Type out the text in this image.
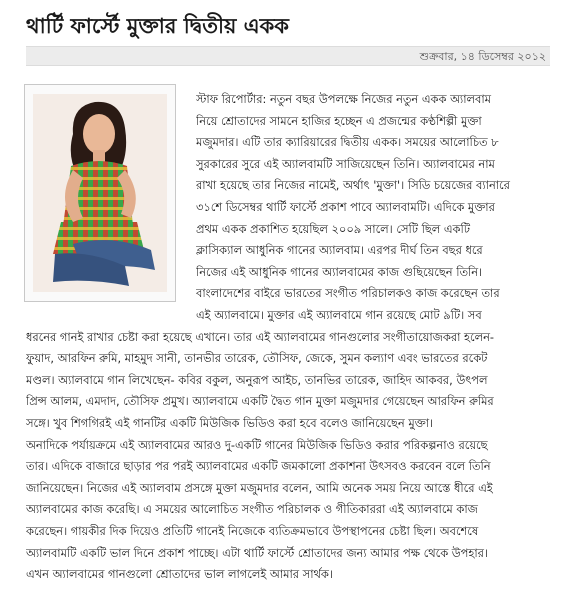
থার্টি ফার্স্টে মুক্তার দ্বিতীয় একক
শুক্রবার, ১৪ ডিসেম্বর ২০১২
স্টাফ রিপোর্টার: নতুন বছর উপলক্ষে নিজের নতুন একক অ্যালবাম
নিয়ে শ্রোতাদের সামনে হাজির হচ্ছেন এ প্রজন্মের কণ্ঠশিল্পী মুক্তা
মজুমদার। এটি তার ক্যারিয়ারের দ্বিতীয় একক। সময়ের আলোচিত ৮
সুরকারের সুরে এই অ্যালবামটি সাজিয়েছেন তিনি। অ্যালবামের নাম
রাখা হয়েছে তার নিজের নামেই, অর্থাৎ 'মুক্তা'। সিডি চয়েজের ব্যানারে
৩১শে ডিসেম্বর থার্টি ফার্স্টে প্রকাশ পাবে অ্যালবামটি। এদিকে মুক্তার
প্রথম একক প্রকাশিত হয়েছিল ২০০৯ সালে। সেটি ছিল একটি
ক্লাসিক্যাল আধুনিক গানের অ্যালবাম। এরপর দীর্ঘ তিন বছর ধরে
নিজের এই আধুনিক গানের অ্যালবামের কাজ গুছিয়েছেন তিনি।
বাংলাদেশের বাইরে ভারতের সংগীত পরিচালকও কাজ করেছেন তার
এই অ্যালবামে। মুক্তার এই অ্যালবামে গান রয়েছে মোট ৯টি। সব
ধরনের গানই রাখার চেষ্টা করা হয়েছে এখানে। তার এই অ্যালবামের গানগুলোর সংগীতায়োজকরা হলেন-
ফুয়াদ, আরফিন রুমি, মাহমুদ সানী, তানভীর তারেক, তৌসিফ, জেকে, সুমন কল্যাণ এবং ভারতের রকেট
মণ্ডল। অ্যালবামে গান লিখেছেন- কবির বকুল, অনুরূপ আইচ, তানভির তারেক, জাহিদ আকবর, উৎপল
প্রিন্স আলম, এমদাদ, তৌসিফ প্রমুখ। অ্যালবামে একটি দ্বৈত গান মুক্তা মজুমদার গেয়েছেন আরফিন রুমির
সঙ্গে। খুব শিগগিরই এই গানটির একটি মিউজিক ভিডিও করা হবে বলেও জানিয়েছেন মুক্তা।
অনাদিকে পর্যায়ক্রমে এই অ্যালবামের আরও দু-একটি গানের মিউজিক ভিডিও করার পরিকল্পনাও রয়েছে
তার। এদিকে বাজারে ছাড়ার পর পরই অ্যালবামের একটি জমকালো প্রকাশনা উৎসবও করবেন বলে তিনি
জানিয়েছেন। নিজের এই অ্যালবাম প্রসঙ্গে মুক্তা মজুমদার বলেন, আমি অনেক সময় নিয়ে আস্তে ধীরে এই
অ্যালবামের কাজ করেছি। এ সময়ের আলোচিত সংগীত পরিচালক ও গীতিকাররা এই অ্যালবামে কাজ
করেছেন। গায়কীর দিক দিয়েও প্রতিটি গানেই নিজেকে ব্যতিক্রমভাবে উপস্থাপনের চেষ্টা ছিল। অবশেষে
অ্যালবামটি একটি ভাল দিনে প্রকাশ পাচ্ছে। এটা থার্টি ফার্স্টে শ্রোতাদের জন্য আমার পক্ষ থেকে উপহার।
এখন অ্যালবামের গানগুলো শ্রোতাদের ভাল লাগলেই আমার সার্থক।
